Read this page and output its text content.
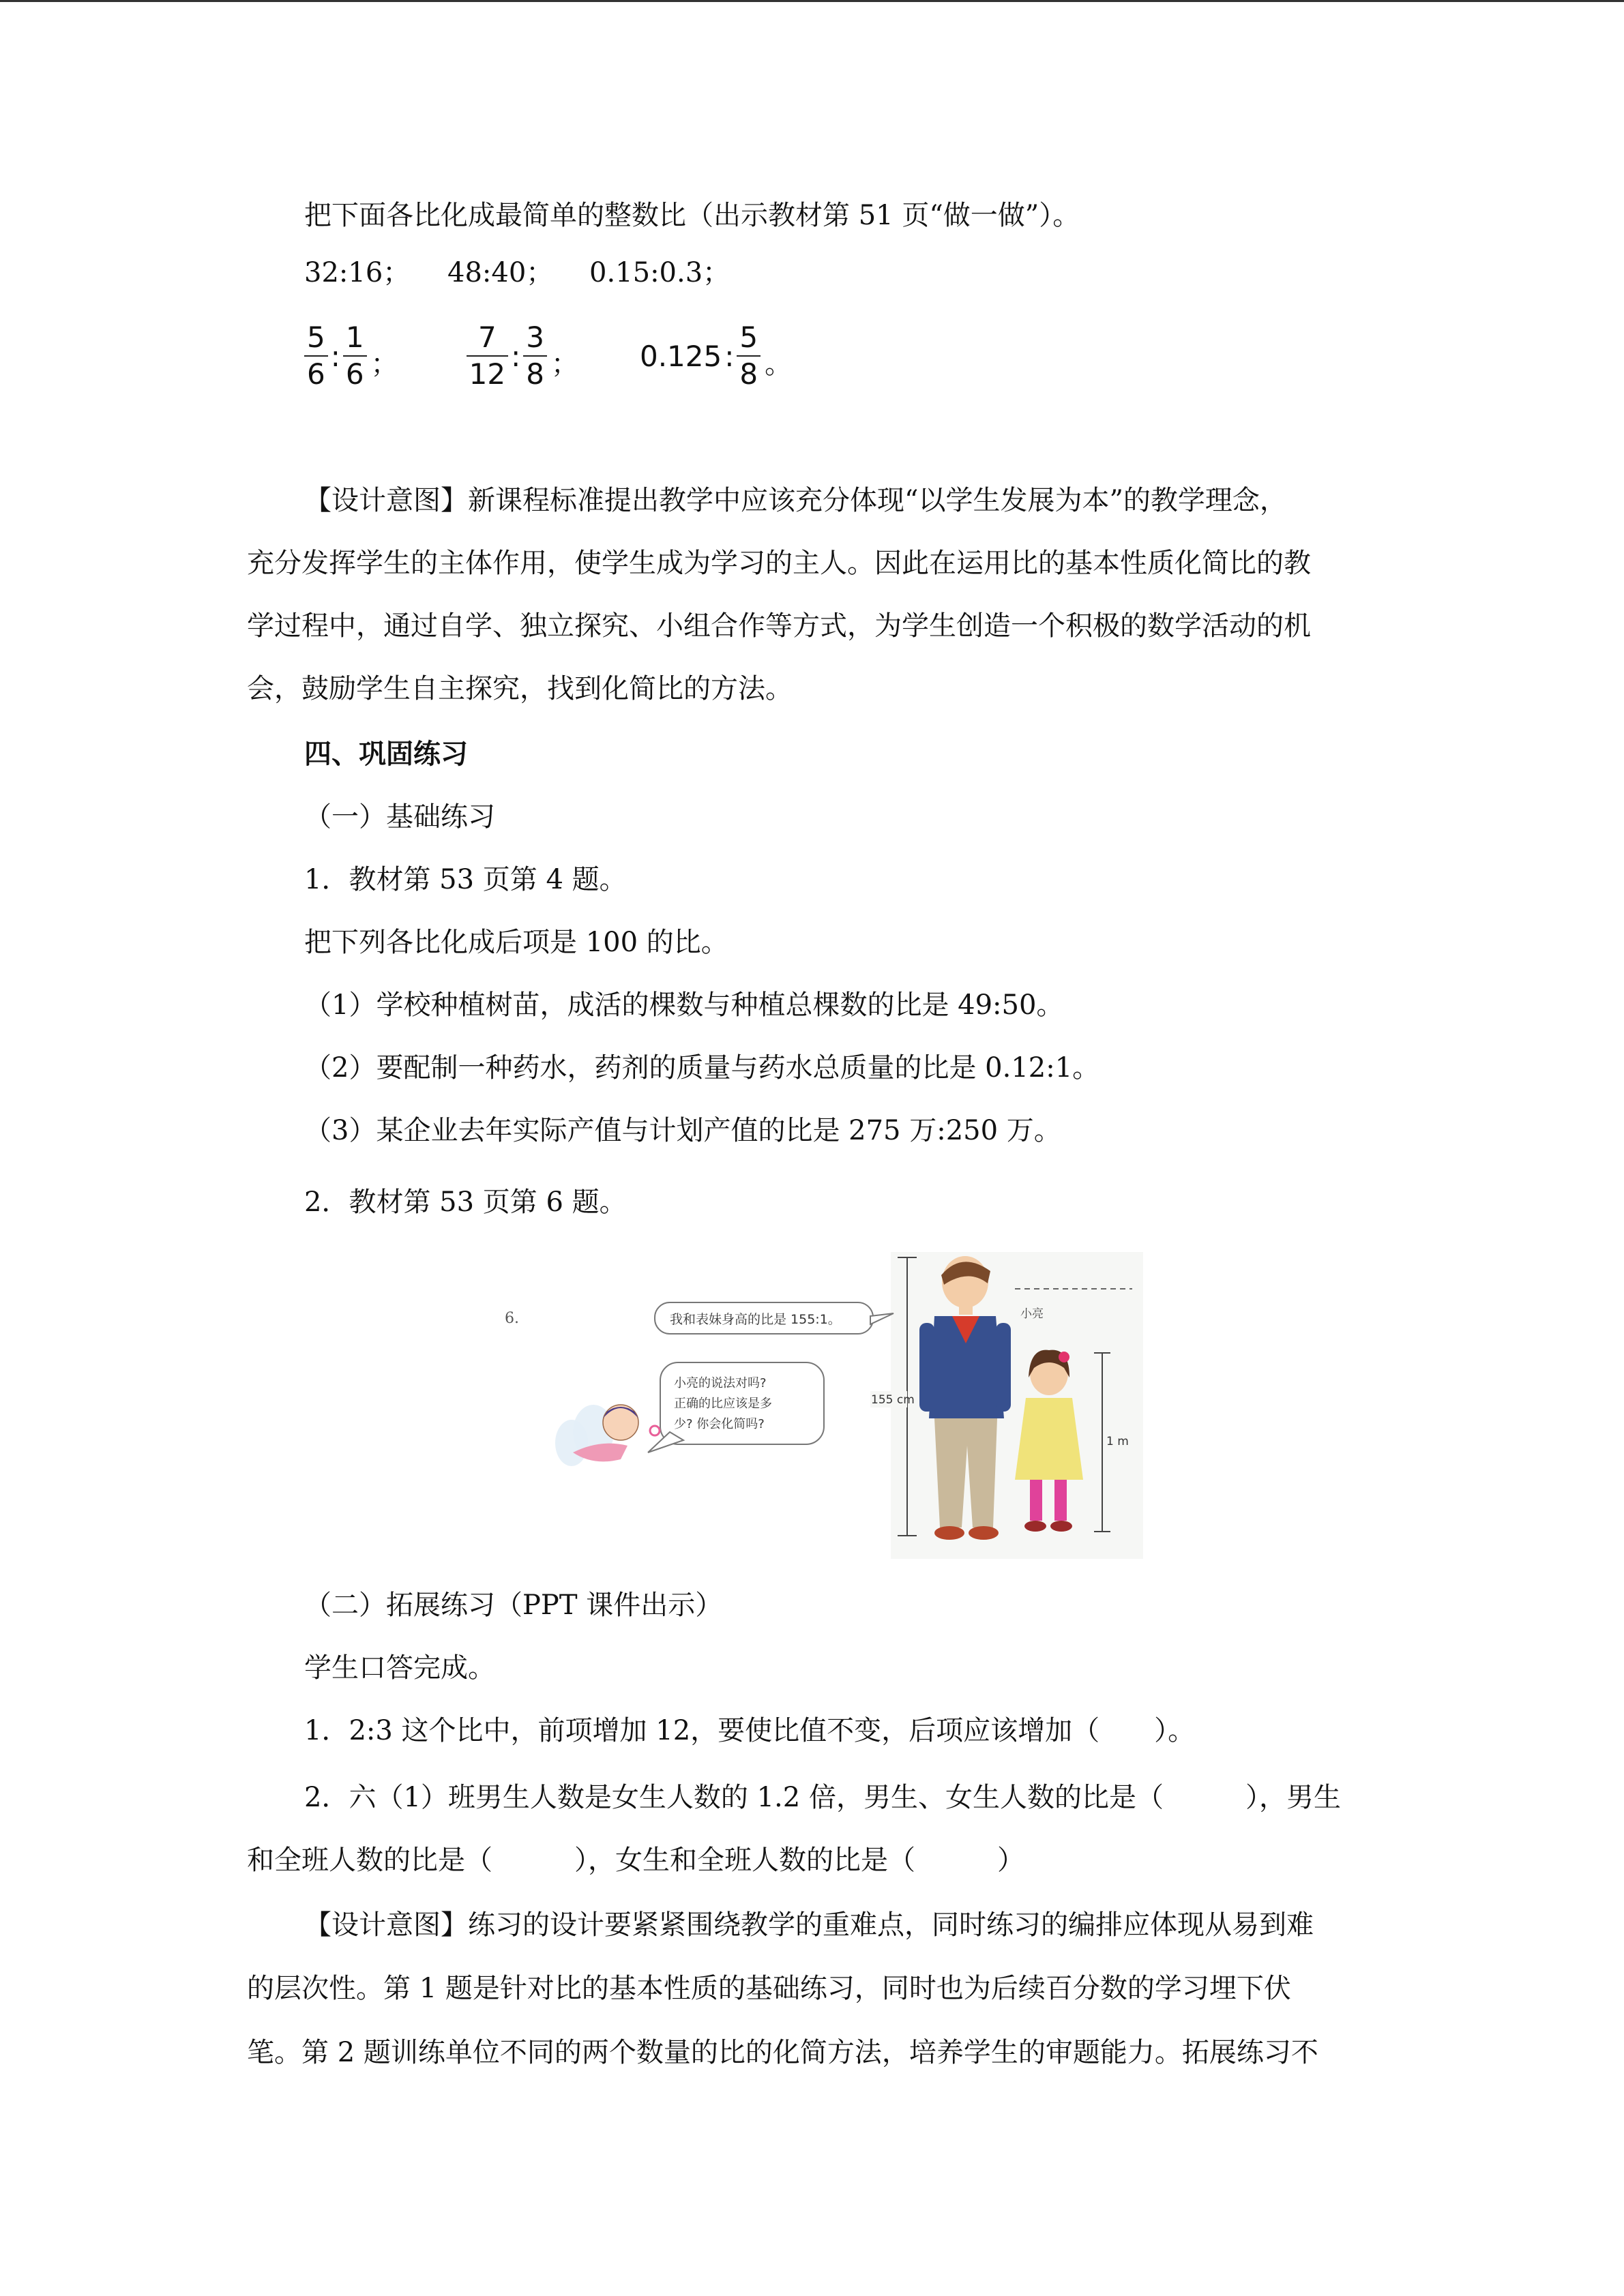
把下面各比化成最简单的整数比（出示教材第 51 页“做一做”）。
32:16； 48:40； 0.15:0.3；
$\frac{5}{6}$ : $\frac{1}{6}$ ； $\frac{7}{12}$ : $\frac{3}{8}$ ； 0.125 : $\frac{5}{8}$ 。
【设计意图】新课程标准提出教学中应该充分体现“以学生发展为本”的教学理念，
充分发挥学生的主体作用，使学生成为学习的主人。因此在运用比的基本性质化简比的教
学过程中，通过自学、独立探究、小组合作等方式，为学生创造一个积极的数学活动的机
会，鼓励学生自主探究，找到化简比的方法。
四、巩固练习
（一）基础练习
1．教材第 53 页第 4 题。
把下列各比化成后项是 100 的比。
（1）学校种植树苗，成活的棵数与种植总棵数的比是 49:50。
（2）要配制一种药水，药剂的质量与药水总质量的比是 0.12:1。
（3）某企业去年实际产值与计划产值的比是 275 万:250 万。
2．教材第 53 页第 6 题。
6.	我和表妹身高的比是 155:1。
小亮的说法对吗?
正确的比应该是多
少? 你会化简吗?
155 cm
小亮
1 m
（二）拓展练习（PPT 课件出示）
学生口答完成。
1．2:3 这个比中，前项增加 12，要使比值不变，后项应该增加（　　）。
2．六（1）班男生人数是女生人数的 1.2 倍，男生、女生人数的比是（　　　），男生
和全班人数的比是（　　　），女生和全班人数的比是（　　　）
【设计意图】练习的设计要紧紧围绕教学的重难点，同时练习的编排应体现从易到难
的层次性。第 1 题是针对比的基本性质的基础练习，同时也为后续百分数的学习埋下伏
笔。第 2 题训练单位不同的两个数量的比的化简方法，培养学生的审题能力。拓展练习不
